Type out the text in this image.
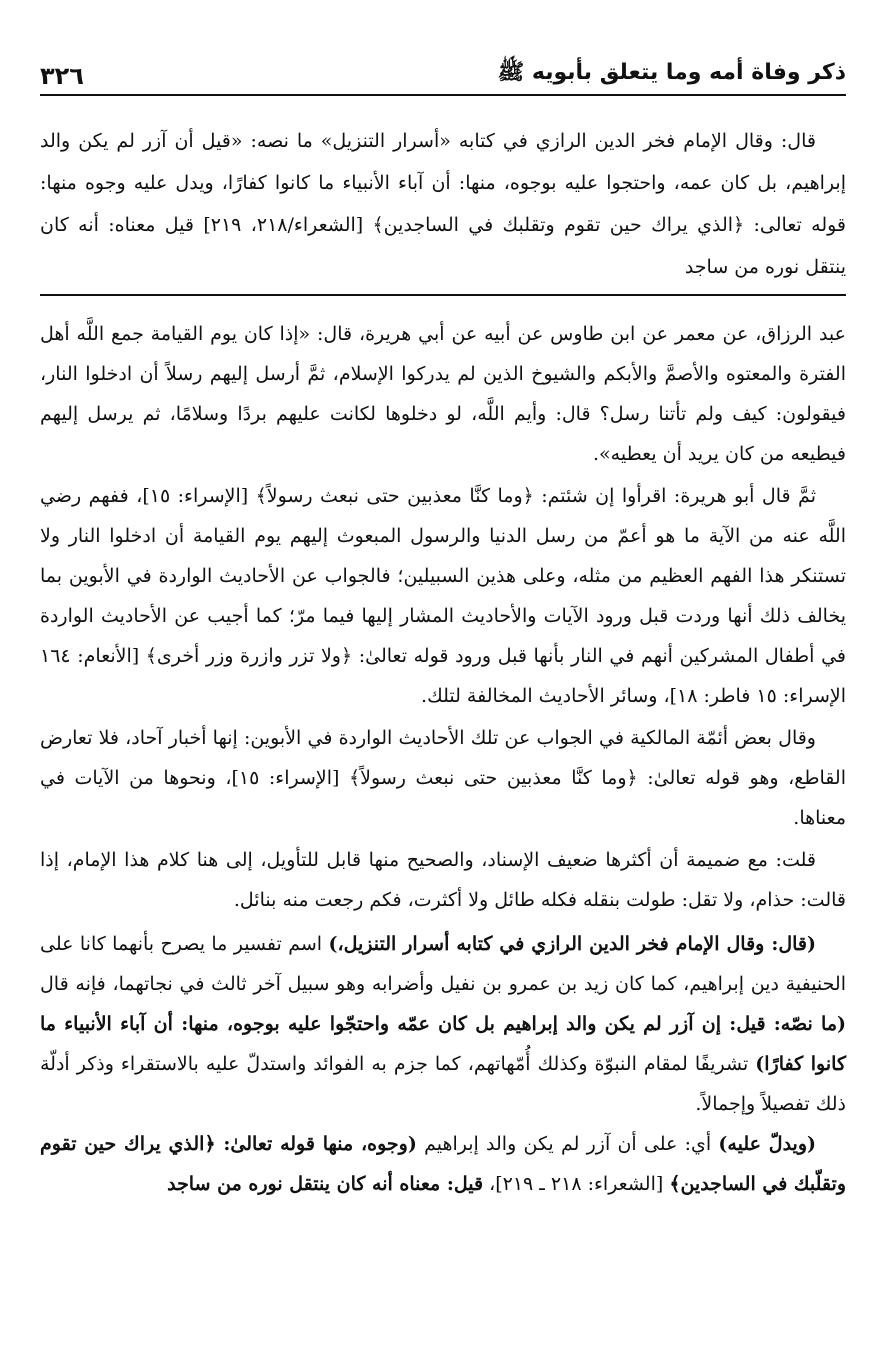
ذكر وفاة أمه وما يتعلق بأبويه ﷺ
٣٢٦

قال: وقال الإمام فخر الدين الرازي في كتابه «أسرار التنزيل» ما نصه: «قيل أن آزر لم يكن والد إبراهيم، بل كان عمه، واحتجوا عليه بوجوه، منها: أن آباء الأنبياء ما كانوا كفارًا، ويدل عليه وجوه منها: قوله تعالى: ﴿الذي يراك حين تقوم وتقلبك في الساجدين﴾ [الشعراء/٢١٨، ٢١٩] قيل معناه: أنه كان ينتقل نوره من ساجد

عبد الرزاق، عن معمر عن ابن طاوس عن أبيه عن أبي هريرة، قال: «إذا كان يوم القيامة جمع اللَّه أهل الفترة والمعتوه والأصمَّ والأبكم والشيوخ الذين لم يدركوا الإسلام، ثمَّ أرسل إليهم رسلاً أن ادخلوا النار، فيقولون: كيف ولم تأتنا رسل؟ قال: وأيم اللَّه، لو دخلوها لكانت عليهم بردًا وسلامًا، ثم يرسل إليهم فيطيعه من كان يريد أن يعطيه».

ثمَّ قال أبو هريرة: اقرأوا إن شئتم: ﴿وما كنَّا معذبين حتى نبعث رسولاً﴾ [الإسراء: ١٥]، ففهم رضي اللَّه عنه من الآية ما هو أعمّ من رسل الدنيا والرسول المبعوث إليهم يوم القيامة أن ادخلوا النار ولا تستنكر هذا الفهم العظيم من مثله، وعلى هذين السبيلين؛ فالجواب عن الأحاديث الواردة في الأبوين بما يخالف ذلك أنها وردت قبل ورود الآيات والأحاديث المشار إليها فيما مرّ؛ كما أجيب عن الأحاديث الواردة في أطفال المشركين أنهم في النار بأنها قبل ورود قوله تعالىٰ: ﴿ولا تزر وازرة وزر أخرى﴾ [الأنعام: ١٦٤ الإسراء: ١٥ فاطر: ١٨]، وسائر الأحاديث المخالفة لتلك.

وقال بعض أئمّة المالكية في الجواب عن تلك الأحاديث الواردة في الأبوين: إنها أخبار آحاد، فلا تعارض القاطع، وهو قوله تعالىٰ: ﴿وما كنَّا معذبين حتى نبعث رسولاً﴾ [الإسراء: ١٥]، ونحوها من الآيات في معناها.

قلت: مع ضميمة أن أكثرها ضعيف الإسناد، والصحيح منها قابل للتأويل، إلى هنا كلام هذا الإمام، إذا قالت: حذام، ولا تقل: طولت بنقله فكله طائل ولا أكثرت، فكم رجعت منه بنائل.

(قال: وقال الإمام فخر الدين الرازي في كتابه أسرار التنزيل،) اسم تفسير ما يصرح بأنهما كانا على الحنيفية دين إبراهيم، كما كان زيد بن عمرو بن نفيل وأضرابه وهو سبيل آخر ثالث في نجاتهما، فإنه قال (ما نصّه: قيل: إن آزر لم يكن والد إبراهيم بل كان عمّه واحتجّوا عليه بوجوه، منها: أن آباء الأنبياء ما كانوا كفارًا) تشريفًا لمقام النبوّة وكذلك أُمّهاتهم، كما جزم به الفوائد واستدلّ عليه بالاستقراء وذكر أدلّة ذلك تفصيلاً وإجمالاً.

(ويدلّ عليه) أي: على أن آزر لم يكن والد إبراهيم (وجوه، منها قوله تعالىٰ: ﴿الذي يراك حين تقوم وتقلّبك في الساجدين﴾ [الشعراء: ٢١٨ ـ ٢١٩]، قيل: معناه أنه كان ينتقل نوره من ساجد
